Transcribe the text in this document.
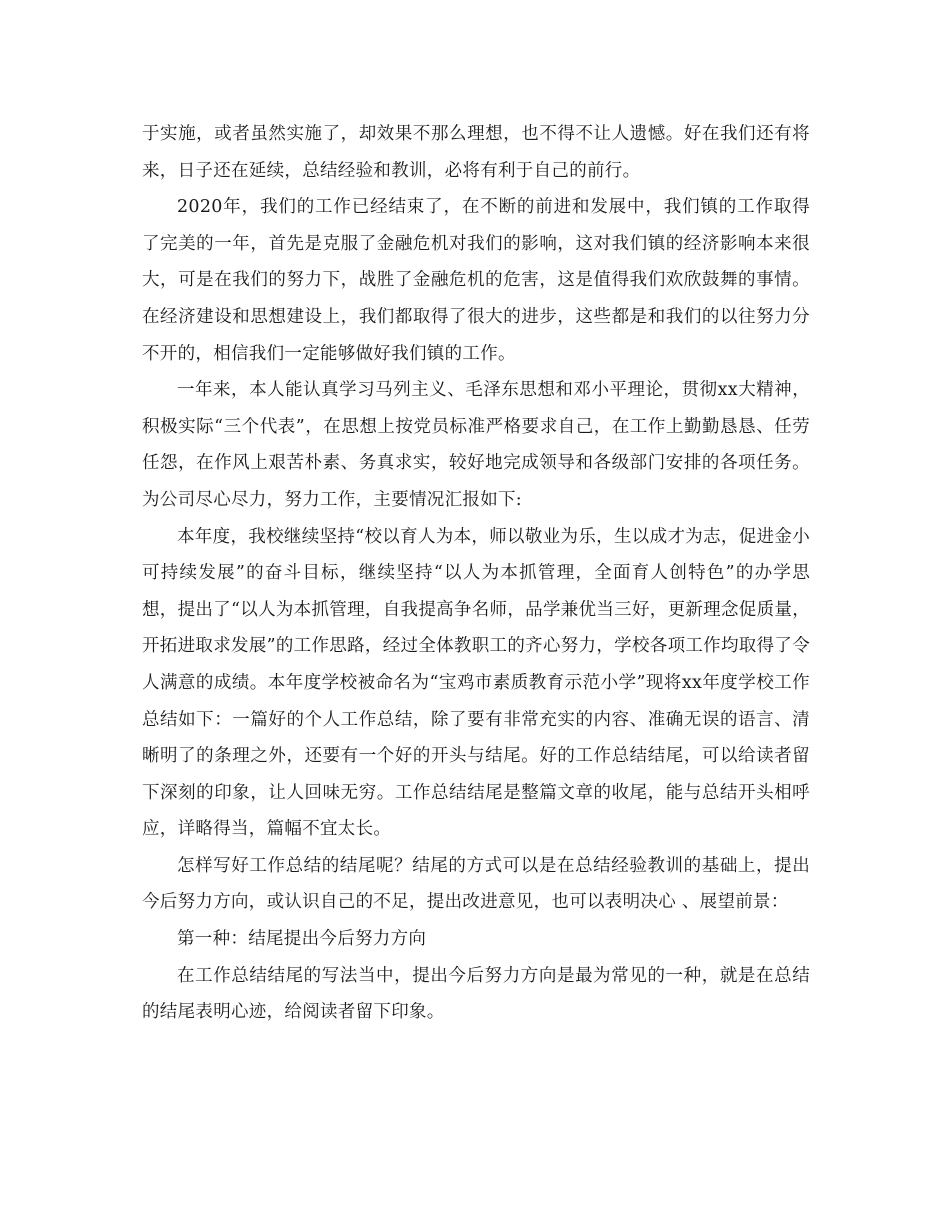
于实施，或者虽然实施了，却效果不那么理想，也不得不让人遗憾。好在我们还有将来，日子还在延续，总结经验和教训，必将有利于自己的前行。

2020年，我们的工作已经结束了，在不断的前进和发展中，我们镇的工作取得了完美的一年，首先是克服了金融危机对我们的影响，这对我们镇的经济影响本来很大，可是在我们的努力下，战胜了金融危机的危害，这是值得我们欢欣鼓舞的事情。在经济建设和思想建设上，我们都取得了很大的进步，这些都是和我们的以往努力分不开的，相信我们一定能够做好我们镇的工作。

一年来，本人能认真学习马列主义、毛泽东思想和邓小平理论，贯彻xx大精神，积极实际“三个代表”，在思想上按党员标准严格要求自己，在工作上勤勤恳恳、任劳任怨，在作风上艰苦朴素、务真求实，较好地完成领导和各级部门安排的各项任务。为公司尽心尽力，努力工作，主要情况汇报如下:

本年度，我校继续坚持“校以育人为本，师以敬业为乐，生以成才为志，促进金小可持续发展”的奋斗目标，继续坚持“以人为本抓管理，全面育人创特色”的办学思想，提出了“以人为本抓管理，自我提高争名师，品学兼优当三好，更新理念促质量，开拓进取求发展”的工作思路，经过全体教职工的齐心努力，学校各项工作均取得了令人满意的成绩。本年度学校被命名为“宝鸡市素质教育示范小学”现将xx年度学校工作总结如下：一篇好的个人工作总结，除了要有非常充实的内容、准确无误的语言、清晰明了的条理之外，还要有一个好的开头与结尾。好的工作总结结尾，可以给读者留下深刻的印象，让人回味无穷。工作总结结尾是整篇文章的收尾，能与总结开头相呼应，详略得当，篇幅不宜太长。

怎样写好工作总结的结尾呢？结尾的方式可以是在总结经验教训的基础上，提出今后努力方向，或认识自己的不足，提出改进意见，也可以表明决心 、展望前景：

第一种：结尾提出今后努力方向

在工作总结结尾的写法当中，提出今后努力方向是最为常见的一种，就是在总结的结尾表明心迹，给阅读者留下印象。
